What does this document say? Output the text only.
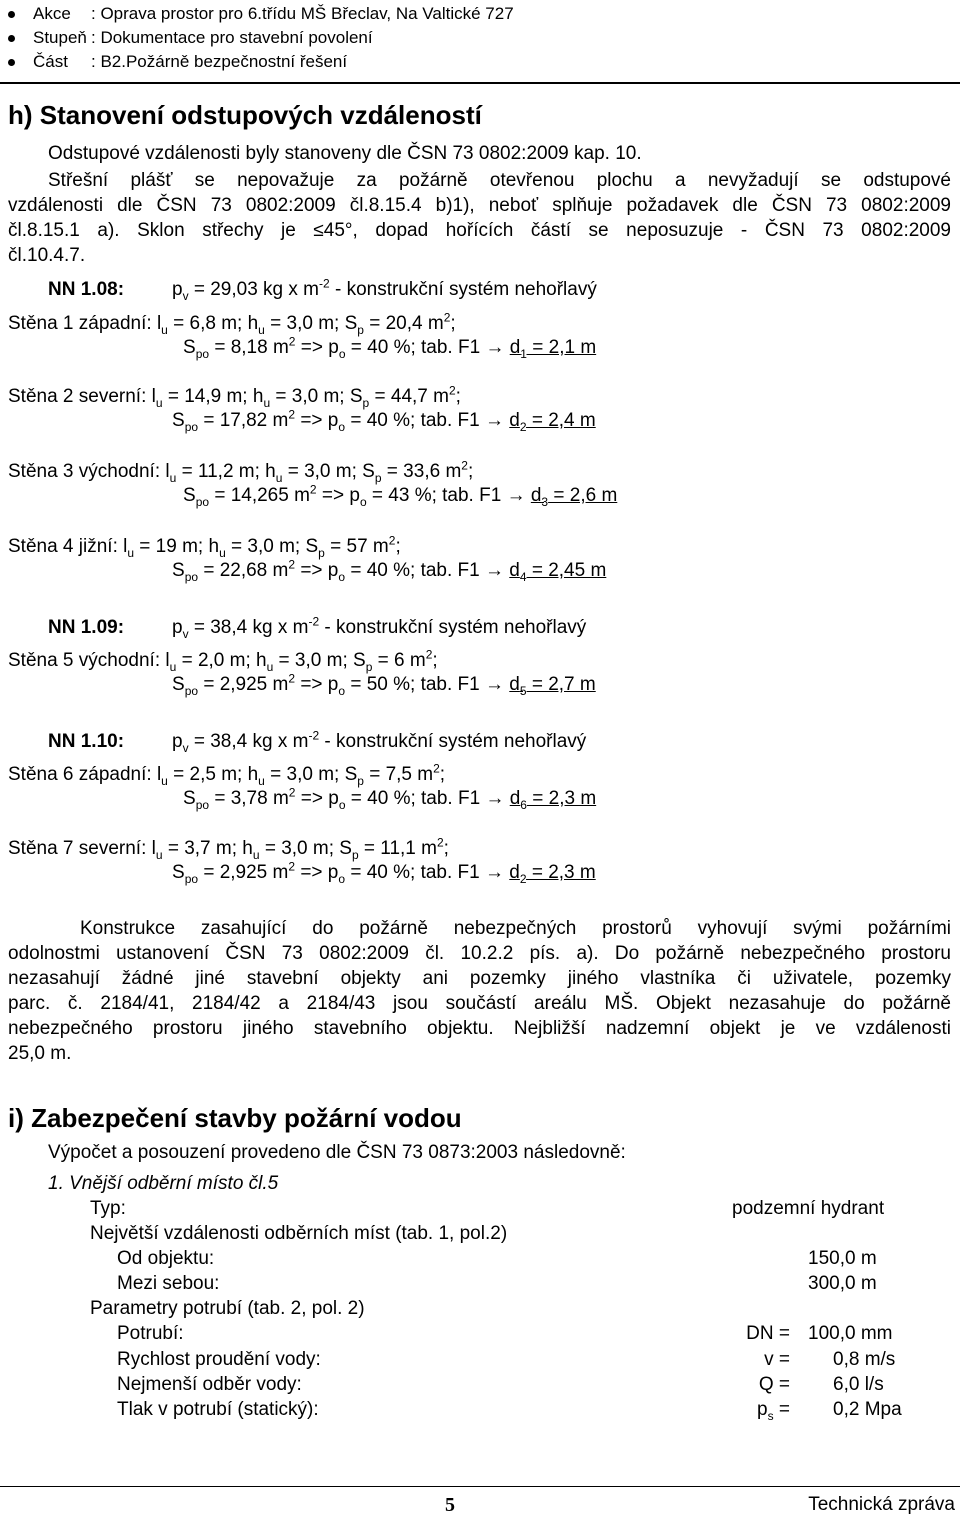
Akce	: Oprava prostor pro 6.třídu MŠ Břeclav, Na Valtické 727
Stupeň : Dokumentace pro stavební povolení
Část	: B2.Požárně bezpečnostní řešení
h) Stanovení odstupových vzdáleností
Odstupové vzdálenosti byly stanoveny dle ČSN 73 0802:2009 kap. 10.
Střešní plášť se nepovažuje za požárně otevřenou plochu a nevyžadují se odstupové
vzdálenosti dle ČSN 73 0802:2009 čl.8.15.4 b)1), neboť splňuje požadavek dle ČSN 73 0802:2009
čl.8.15.1 a). Sklon střechy je ≤45°, dopad hořících částí se neposuzuje - ČSN 73 0802:2009
čl.10.4.7.
NN 1.08:	$p_v = 29,03$ kg x $m^{-2}$ - konstrukční systém nehořlavý
Stěna 1 západní: $l_u = 6,8$ m; $h_u = 3,0$ m; $S_p = 20,4$ $m^2$;
$S_{po} = 8,18$ $m^2 => p_o = 40$ %; tab. $F1 \to d_1 = 2,1$ m
Stěna 2 severní: $l_u = 14,9$ m; $h_u = 3,0$ m; $S_p = 44,7$ $m^2$;
$S_{po} = 17,82$ $m^2 => p_o = 40$ %; tab. $F1 \to d_2 = 2,4$ m
Stěna 3 východní: $l_u = 11,2$ m; $h_u = 3,0$ m; $S_p = 33,6$ $m^2$;
$S_{po} = 14,265$ $m^2 => p_o = 43$ %; tab. $F1 \to d_3 = 2,6$ m
Stěna 4 jižní: $l_u = 19$ m; $h_u = 3,0$ m; $S_p = 57$ $m^2$;
$S_{po} = 22,68$ $m^2 => p_o = 40$ %; tab. $F1 \to d_4 = 2,45$ m
NN 1.09:	$p_v = 38,4$ kg x $m^{-2}$ - konstrukční systém nehořlavý
Stěna 5 východní: $l_u = 2,0$ m; $h_u = 3,0$ m; $S_p = 6$ $m^2$;
$S_{po} = 2,925$ $m^2 => p_o = 50$ %; tab. $F1 \to d_5 = 2,7$ m
NN 1.10:	$p_v = 38,4$ kg x $m^{-2}$ - konstrukční systém nehořlavý
Stěna 6 západní: $l_u = 2,5$ m; $h_u = 3,0$ m; $S_p = 7,5$ $m^2$;
$S_{po} = 3,78$ $m^2 => p_o = 40$ %; tab. $F1 \to d_6 = 2,3$ m
Stěna 7 severní: $l_u = 3,7$ m; $h_u = 3,0$ m; $S_p = 11,1$ $m^2$;
$S_{po} = 2,925$ $m^2 => p_o = 40$ %; tab. $F1 \to d_2 = 2,3$ m
Konstrukce zasahující do požárně nebezpečných prostorů vyhovují svými požárními
odolnostmi ustanovení ČSN 73 0802:2009 čl. 10.2.2 pís. a). Do požárně nebezpečného prostoru
nezasahují žádné jiné stavební objekty ani pozemky jiného vlastníka či uživatele, pozemky
parc. č. 2184/41, 2184/42 a 2184/43 jsou součástí areálu MŠ. Objekt nezasahuje do požárně
nebezpečného prostoru jiného stavebního objektu. Nejbližší nadzemní objekt je ve vzdálenosti
25,0 m.
i) Zabezpečení stavby požární vodou
Výpočet a posouzení provedeno dle ČSN 73 0873:2003 následovně:
1. Vnější odběrní místo čl.5
Typ:	podzemní hydrant
Největší vzdálenosti odběrních míst (tab. 1, pol.2)
Od objektu:	150,0 m
Mezi sebou:	300,0 m
Parametry potrubí (tab. 2, pol. 2)
Potrubí:	DN = 100,0 mm
Rychlost proudění vody:	v = 0,8 m/s
Nejmenší odběr vody:	Q = 6,0 l/s
Tlak v potrubí (statický):	$p_s = 0,2$ Mpa
5	Technická zpráva
